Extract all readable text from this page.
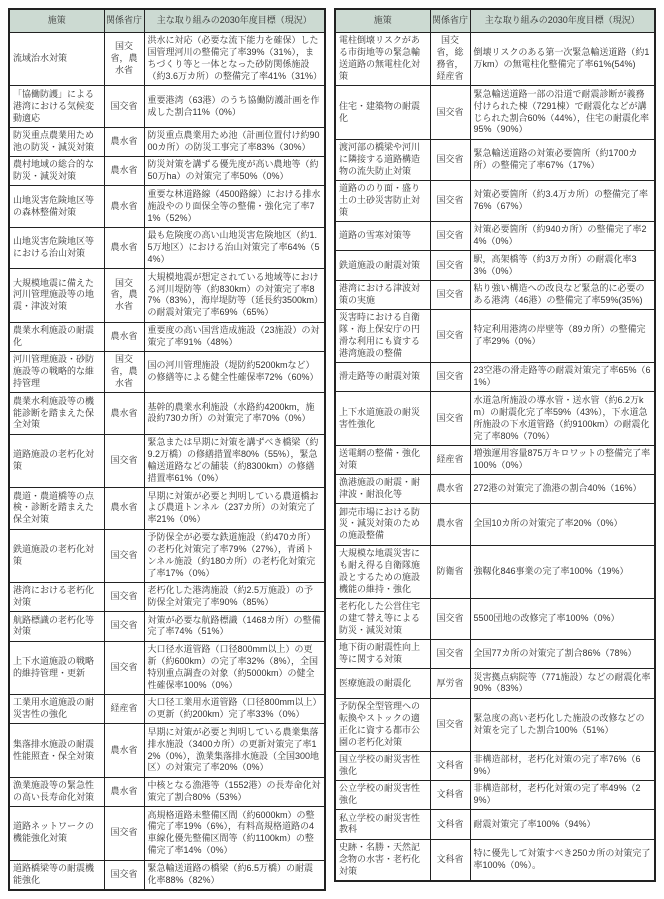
施策	関係省庁	主な取り組みの2030年度目標（現況）
流域治水対策	国交省，農水省	洪水に対応（必要な流下能力を確保）した国管理河川の整備完了率39%（31%），まちづくり等と一体となった砂防関係施設（約3.6万カ所）の整備完了率41%（31%）
「協働防護」による港湾における気候変動適応	国交省	重要港湾（63港）のうち協働防護計画を作成した割合11%（0%）
防災重点農業用ため池の防災・減災対策	農水省	防災重点農業用ため池（計画位置付け約9000カ所）の防災工事完了率83%（30%）
農村地域の総合的な防災・減災対策	農水省	防災対策を講ずる優先度が高い農地等（約50万ha）の対策完了率50%（0%）
山地災害危険地区等の森林整備対策	農水省	重要な林道路線（4500路線）における排水施設やのり面保全等の整備・強化完了率71%（52%）
山地災害危険地区等における治山対策	農水省	最も危険度の高い山地災害危険地区（約1.5万地区）における治山対策完了率64%（54%）
大規模地震に備えた河川管理施設等の地震・津波対策	国交省，農水省	大規模地震が想定されている地域等における河川堤防等（約830km）の対策完了率87%（83%），海岸堤防等（延長約3500km）の耐震対策完了率69%（65%）
農業水利施設の耐震化	農水省	重要度の高い国営造成施設（23施設）の対策完了率91%（48%）
河川管理施設・砂防施設等の戦略的な維持管理	国交省，農水省	国の河川管理施設（堤防約5200kmなど）の修繕等による健全性確保率72%（60%）
農業水利施設等の機能診断を踏まえた保全対策	農水省	基幹的農業水利施設（水路約4200km，施設約730カ所）の対策完了率70%（0%）
道路施設の老朽化対策	国交省	緊急または早期に対策を講ずべき橋梁（約9.2万橋）の修繕措置率80%（55%），緊急輸送道路などの舗装（約8300km）の修繕措置率61%（0%）
農道・農道橋等の点検・診断を踏まえた保全対策	農水省	早期に対策が必要と判明している農道橋および農道トンネル（237カ所）の対策完了率21%（0%）
鉄道施設の老朽化対策	国交省	予防保全が必要な鉄道施設（約470カ所）の老朽化対策完了率79%（27%），青函トンネル施設（約180カ所）の老朽化対策完了率17%（0%）
港湾における老朽化対策	国交省	老朽化した港湾施設（約2.5万施設）の予防保全対策完了率90%（85%）
航路標識の老朽化等対策	国交省	対策が必要な航路標識（1468カ所）の整備完了率74%（51%）
上下水道施設の戦略的維持管理・更新	国交省	大口径水道管路（口径800mm以上）の更新（約600km）の完了率32%（8%），全国特別重点調査の対象（約5000km）の健全性確保率100%（0%）
工業用水道施設の耐災害性の強化	経産省	大口径工業用水道管路（口径800mm以上）の更新（約200km）完了率33%（0%）
集落排水施設の耐震性能照査・保全対策	農水省	早期に対策が必要と判明している農業集落排水施設（3400カ所）の更新対策完了率12%（0%），漁業集落排水施設（全国300地区）の対策完了率20%（0%）
漁業施設等の緊急性の高い長寿命化対策	農水省	中核となる漁港等（1552港）の長寿命化対策完了割合80%（53%）
道路ネットワークの機能強化対策	国交省	高規格道路未整備区間（約6000km）の整備完了率19%（6%），有料高規格道路の4車線化優先整備区間等（約1100km）の整備完了率14%（0%）
道路橋梁等の耐震機能強化	国交省	緊急輸送道路の橋梁（約6.5万橋）の耐震化率88%（82%）
施策	関係省庁	主な取り組みの2030年度目標（現況）
電柱倒壊リスクがある市街地等の緊急輸送道路の無電柱化対策	国交省，総務省，経産省	倒壊リスクのある第一次緊急輸送道路（約1万km）の無電柱化整備完了率61%(54%)
住宅・建築物の耐震化	国交省	緊急輸送道路一部の沿道で耐震診断が義務付けられた棟（7291棟）で耐震化などが講じられた割合60%（44%），住宅の耐震化率95%（90%）
渡河部の橋梁や河川に隣接する道路構造物の流失防止対策	国交省	緊急輸送道路の対策必要箇所（約1700カ所）の整備完了率67%（17%）
道路ののり面・盛り土の土砂災害防止対策	国交省	対策必要箇所（約3.4万カ所）の整備完了率76%（67%）
道路の雪寒対策等	国交省	対策必要箇所（約940カ所）の整備完了率24%（0%）
鉄道施設の耐震対策	国交省	駅，高架橋等（約3万カ所）の耐震化率33%（0%）
港湾における津波対策の実施	国交省	粘り強い構造への改良など緊急的に必要のある港湾（46港）の整備完了率59%(35%)
災害時における自衛隊・海上保安庁の円滑な利用にも資する港湾施設の整備	国交省	特定利用港湾の岸壁等（89カ所）の整備完了率29%（0%）
滑走路等の耐震対策	国交省	23空港の滑走路等の耐震対策完了率65%（61%）
上下水道施設の耐災害性強化	国交省	水道急所施設の導水管・送水管（約6.2万km）の耐震化完了率59%（43%），下水道急所施設の下水道管路（約9100km）の耐震化完了率80%（70%）
送電網の整備・強化対策	経産省	増強運用容量875万キロワットの整備完了率100%（0%）
漁港施設の耐震・耐津波・耐浪化等	農水省	272港の対策完了漁港の割合40%（16%）
卸売市場における防災・減災対策のための施設整備	農水省	全国10カ所の対策完了率20%（0%）
大規模な地震災害にも耐え得る自衛隊施設とするための施設機能の維持・強化	防衛省	強靱化846事業の完了率100%（19%）
老朽化した公営住宅の建て替え等による防災・減災対策	国交省	5500団地の改修完了率100%（0%）
地下街の耐震性向上等に関する対策	国交省	全国77カ所の対策完了割合86%（78%）
医療施設の耐震化	厚労省	災害拠点病院等（771施設）などの耐震化率90%（83%）
予防保全型管理への転換やストックの適正化に資する都市公園の老朽化対策	国交省	緊急度の高い老朽化した施設の改修などの対策を完了した割合100%（51%）
国立学校の耐災害性強化	文科省	非構造部材，老朽化対策の完了率76%（69%）
公立学校の耐災害性強化	文科省	非構造部材，老朽化対策の完了率49%（29%）
私立学校の耐災害性教科	文科省	耐震対策完了率100%（94%）
史跡・名勝・天然記念物の水害・老朽化対策	文科省	特に優先して対策すべき250カ所の対策完了率100%（0%）。
